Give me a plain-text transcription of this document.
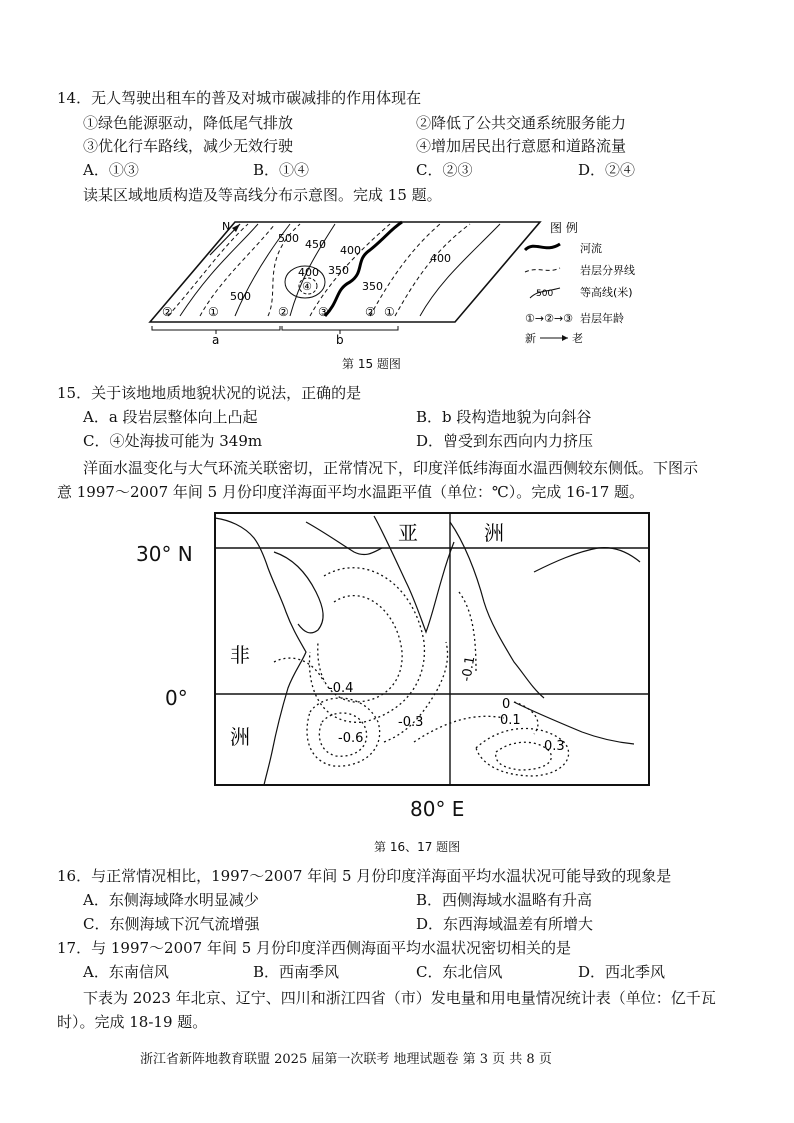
14．无人驾驶出租车的普及对城市碳减排的作用体现在
①绿色能源驱动，降低尾气排放	②降低了公共交通系统服务能力
③优化行车路线，减少无效行驶	④增加居民出行意愿和道路流量
A．①③	B．①④	C．②③	D．②④
读某区域地质构造及等高线分布示意图。完成 15 题。
N
500 450 400
400 350
500
350
400
④
②	①	② ③	② ①
a	b
图 例
河流
岩层分界线
500 等高线(米)
①→②→③ 岩层年龄
新	老
第 15 题图
15．关于该地地质地貌状况的说法，正确的是
A．a 段岩层整体向上凸起	B．b 段构造地貌为向斜谷
C．④处海拔可能为 349m	D．曾受到东西向内力挤压
洋面水温变化与大气环流关联密切，正常情况下，印度洋低纬海面水温西侧较东侧低。下图示
意 1997～2007 年间 5 月份印度洋海面平均水温距平值（单位：℃）。完成 16-17 题。
30° N
0°
80° E
亚	洲
非
洲
-0.4
-0.3
-0.6
-0.1
0
0.1
0.3
第 16、17 题图
16．与正常情况相比，1997～2007 年间 5 月份印度洋海面平均水温状况可能导致的现象是
A．东侧海域降水明显减少	B．西侧海域水温略有升高
C．东侧海域下沉气流增强	D．东西海域温差有所增大
17．与 1997～2007 年间 5 月份印度洋西侧海面平均水温状况密切相关的是
A．东南信风	B．西南季风	C．东北信风	D．西北季风
下表为 2023 年北京、辽宁、四川和浙江四省（市）发电量和用电量情况统计表（单位：亿千瓦
时）。完成 18-19 题。
浙江省新阵地教育联盟 2025 届第一次联考 地理试题卷 第 3 页 共 8 页
